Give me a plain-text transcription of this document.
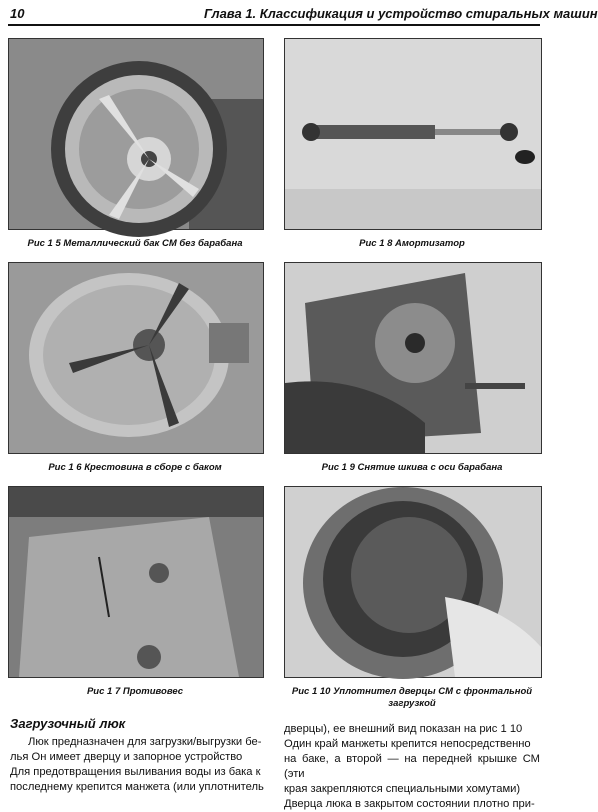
10	Глава 1. Классификация и устройство стиральных машин
Рис 1 5 Металлический бак СМ без барабана	Рис 1 8 Амортизатор
Рис 1 6 Крестовина в сборе с баком	Рис 1 9 Снятие шкива с оси барабана
Рис 1 7 Противовес	Рис 1 10 Уплотнител дверцы СМ с фронтальной
загрузкой
Загрузочный люк

Люк предназначен для загрузки/выгрузки бе-

лья Он имеет дверцу и запорное устройство

Для предотвращения выливания воды из бака к

последнему крепится манжета (или уплотнитель

дверцы), ее внешний вид показан на рис 1 10

Один край манжеты крепится непосредственно

на баке, а второй — на передней крышке СМ (эти

края закрепляются специальными хомутами)

Дверца люка в закрытом состоянии плотно при-
